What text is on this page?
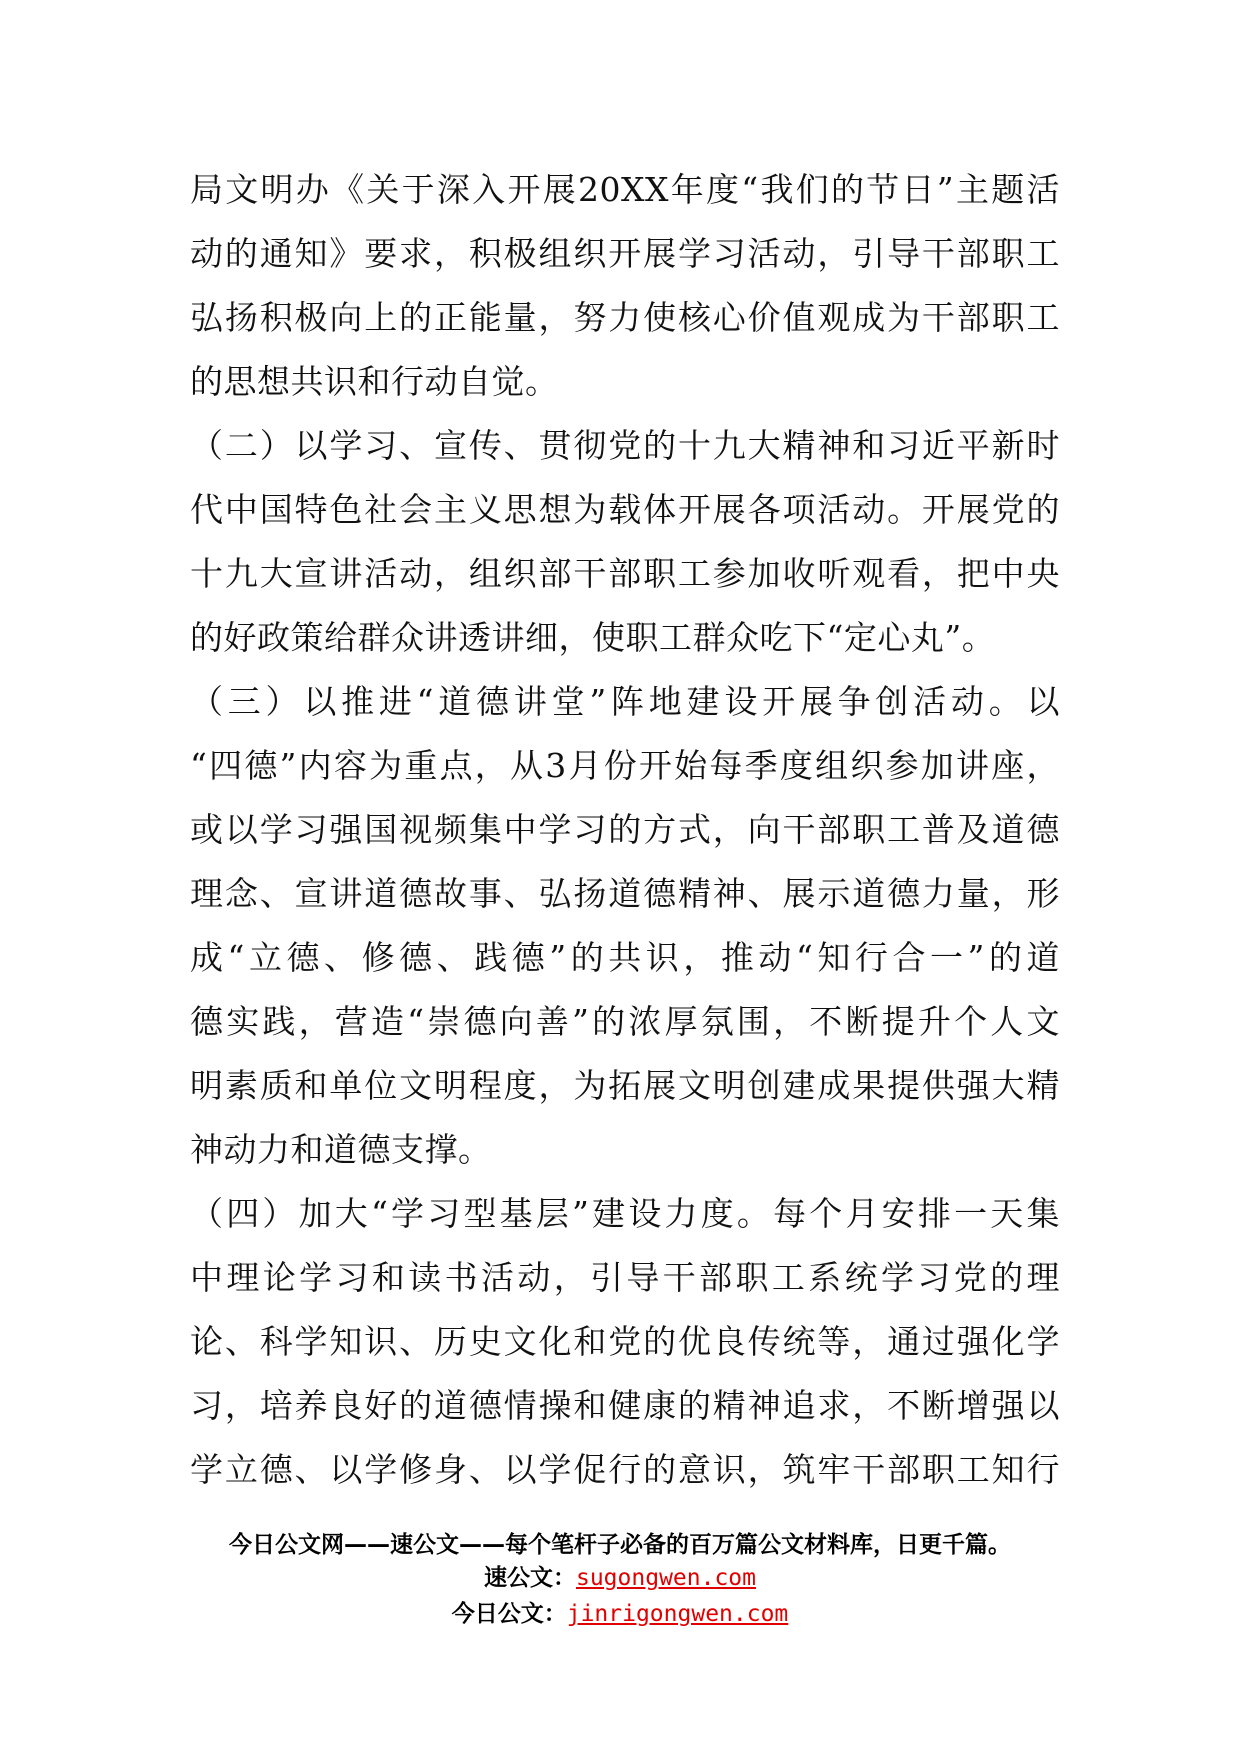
局文明办《关于深入开展20XX年度“我们的节日”主题活
动的通知》要求，积极组织开展学习活动，引导干部职工
弘扬积极向上的正能量，努力使核心价值观成为干部职工
的思想共识和行动自觉。
（二）以学习、宣传、贯彻党的十九大精神和习近平新时
代中国特色社会主义思想为载体开展各项活动。开展党的
十九大宣讲活动，组织部干部职工参加收听观看，把中央
的好政策给群众讲透讲细，使职工群众吃下“定心丸”。
（三）以推进“道德讲堂”阵地建设开展争创活动。以
“四德”内容为重点，从3月份开始每季度组织参加讲座，
或以学习强国视频集中学习的方式，向干部职工普及道德
理念、宣讲道德故事、弘扬道德精神、展示道德力量，形
成“立德、修德、践德”的共识，推动“知行合一”的道
德实践，营造“崇德向善”的浓厚氛围，不断提升个人文
明素质和单位文明程度，为拓展文明创建成果提供强大精
神动力和道德支撑。
（四）加大“学习型基层”建设力度。每个月安排一天集
中理论学习和读书活动，引导干部职工系统学习党的理
论、科学知识、历史文化和党的优良传统等，通过强化学
习，培养良好的道德情操和健康的精神追求，不断增强以
学立德、以学修身、以学促行的意识，筑牢干部职工知行
今日公文网——速公文——每个笔杆子必备的百万篇公文材料库，日更千篇。
速公文：sugongwen.com
今日公文：jinrigongwen.com
